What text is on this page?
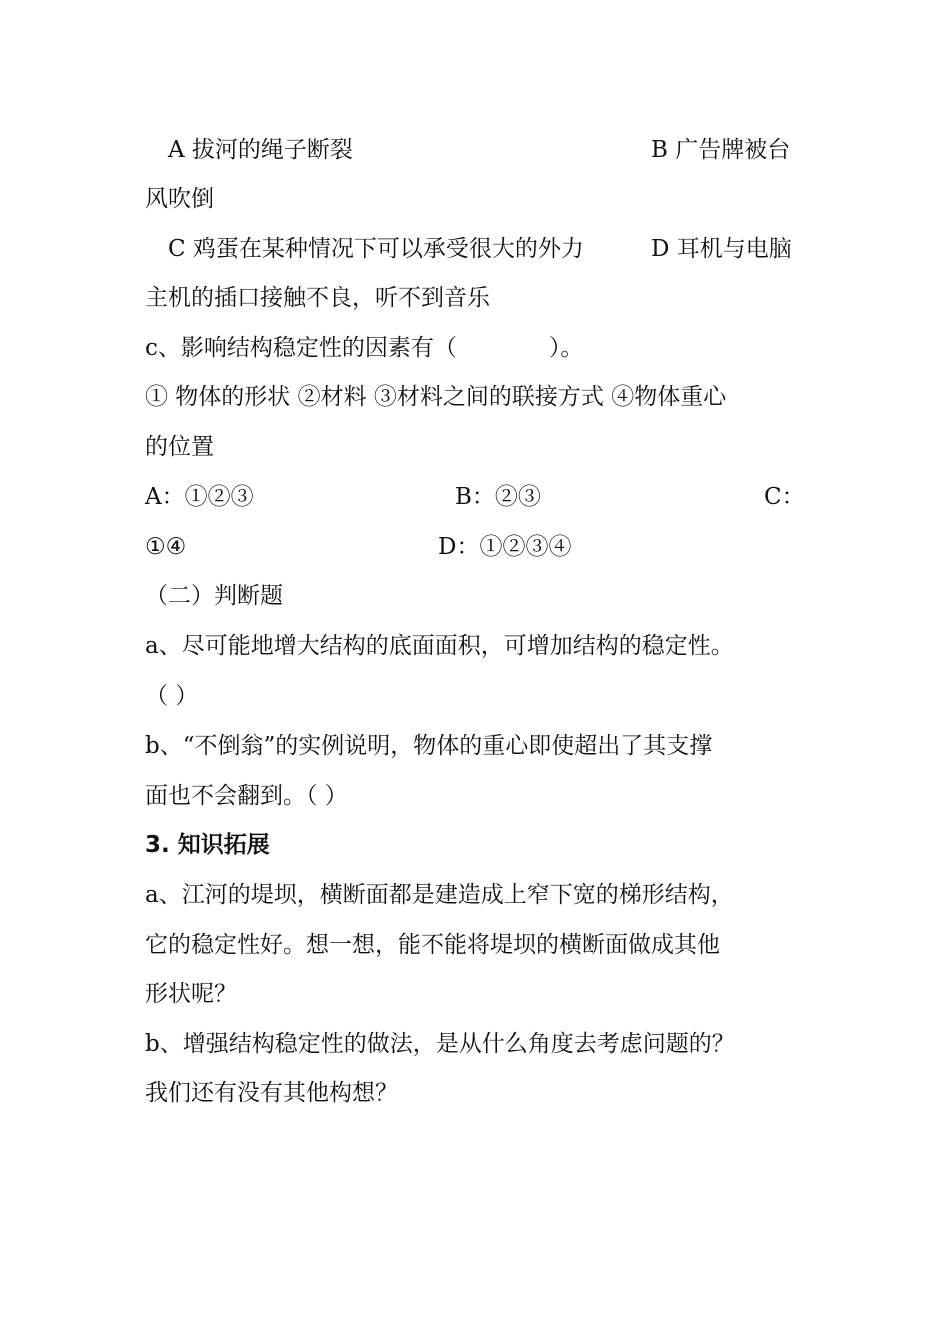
A 拔河的绳子断裂	B 广告牌被台
风吹倒
C 鸡蛋在某种情况下可以承受很大的外力	D 耳机与电脑
主机的插口接触不良，听不到音乐
c、影响结构稳定性的因素有（　　　　）。
① 物体的形状 ②材料 ③材料之间的联接方式 ④物体重心
的位置
A：①②③	B：②③	C：
①④	D：①②③④
（二）判断题
a、尽可能地增大结构的底面面积，可增加结构的稳定性。
（ ）
b、“不倒翁”的实例说明，物体的重心即使超出了其支撑
面也不会翻到。（ ）
3. 知识拓展
a、江河的堤坝，横断面都是建造成上窄下宽的梯形结构，
它的稳定性好。想一想，能不能将堤坝的横断面做成其他
形状呢？
b、增强结构稳定性的做法，是从什么角度去考虑问题的？
我们还有没有其他构想？
